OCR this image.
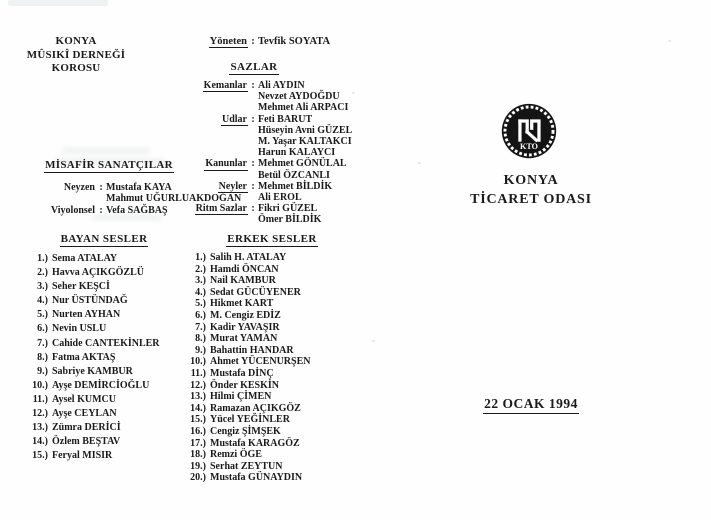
KONYA
MÛSIKÎ DERNEĞİ
KOROSU
Yöneten : Tevfik SOYATA
SAZLAR
Kemanlar : Ali AYDIN
Nevzet AYDOĞDU
Mehmet Ali ARPACI
Udlar : Feti BARUT
Hüseyin Avni GÜZEL
M. Yaşar KALTAKCI
Harun KALAYCI
Kanunlar : Mehmet GÖNÜLAL
Betül ÖZCANLI
Neyler : Mehmet BİLDİK
Ali EROL
Ritm Sazlar : Fikri GÜZEL
Ömer BİLDİK
MİSAFİR SANATÇILAR
Neyzen : Mustafa KAYA
Mahmut UĞURLUAKDOĞAN
Viyolonsel : Vefa SAĞBAŞ
BAYAN SESLER
1.) Sema ATALAY
2.) Havva AÇIKGÖZLÜ
3.) Seher KEŞCİ
4.) Nur ÜSTÜNDAĞ
5.) Nurten AYHAN
6.) Nevin USLU
7.) Cahide CANTEKİNLER
8.) Fatma AKTAŞ
9.) Sabriye KAMBUR
10.) Ayşe DEMİRCİOĞLU
11.) Aysel KUMCU
12.) Ayşe CEYLAN
13.) Zümra DERİCİ
14.) Özlem BEŞTAV
15.) Feryal MISIR
ERKEK SESLER
1.) Salih H. ATALAY
2.) Hamdi ÖNCAN
3.) Nail KAMBUR
4.) Sedat GÜCÜYENER
5.) Hikmet KART
6.) M. Cengiz EDİZ
7.) Kadir YAVAŞIR
8.) Murat YAMAN
9.) Bahattin HANDAR
10.) Ahmet YÜCENURŞEN
11.) Mustafa DİNÇ
12.) Önder KESKİN
13.) Hilmi ÇİMEN
14.) Ramazan AÇIKGÖZ
15.) Yücel YEĞİNLER
16.) Cengiz ŞİMŞEK
17.) Mustafa KARAGÖZ
18.) Remzi ÖGE
19.) Serhat ZEYTUN
20.) Mustafa GÜNAYDIN
KTO
KONYA
TİCARET ODASI
22 OCAK 1994
